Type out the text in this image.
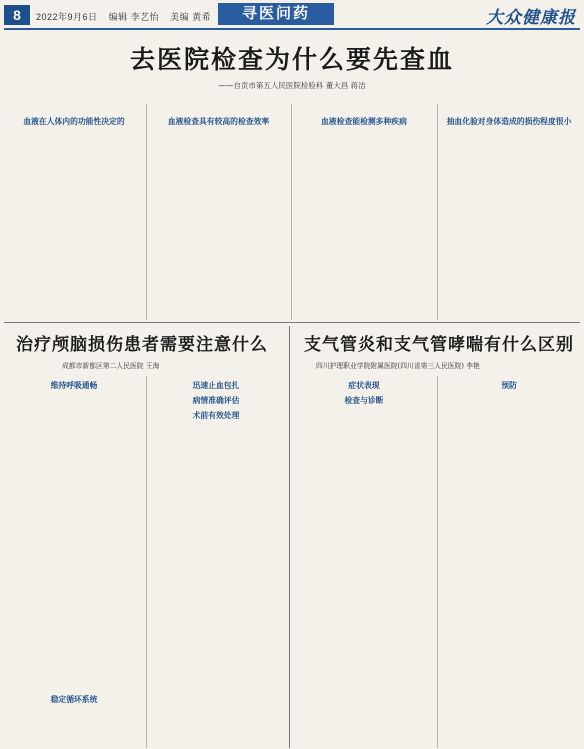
8	2022年9月6日 编辑 李艺怡 美编 黄希	寻医问药	大众健康报
去医院检查为什么要先查血
——自贡市第五人民医院检验科 董大昌 蒋洁
血液在人体内的功能性决定的	血液检查具有较高的检查效率	血液检查能检测多种疾病	抽血化验对身体造成的损伤程度很小
治疗颅脑损伤患者需要注意什么
成都市新都区第二人民医院 王海
维持呼吸通畅	迅速止血包扎
病情准确评估
术前有效处理
稳定循环系统
支气管炎和支气管哮喘有什么区别
四川护理职业学院附属医院(四川省第三人民医院) 李艳
症状表现
检查与诊断
预防
